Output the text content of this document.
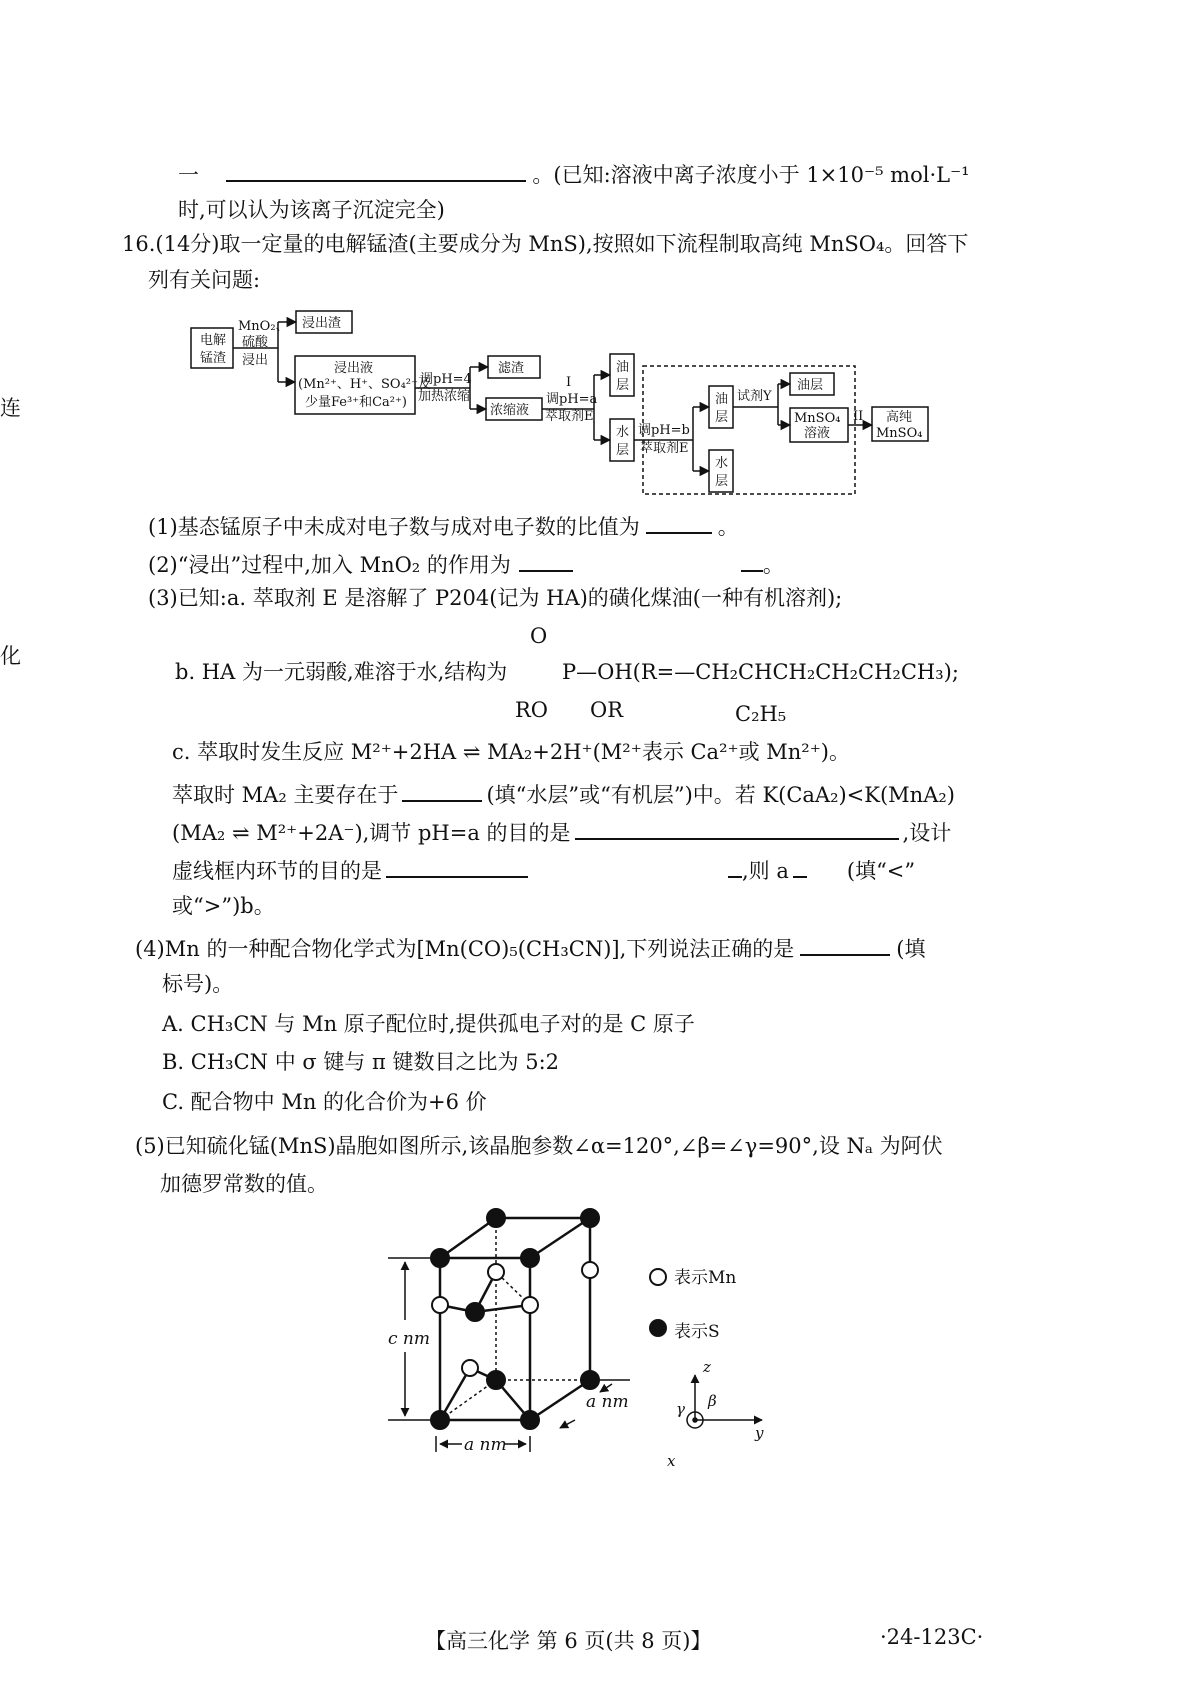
一	。(已知:溶液中离子浓度小于 1×10⁻⁵ mol·L⁻¹
时,可以认为该离子沉淀完全)
连
化
16.(14分)取一定量的电解锰渣(主要成分为 MnS),按照如下流程制取高纯 MnSO₄。回答下
列有关问题:
电解
锰渣
MnO₂、
硫酸
浸出
浸出渣
浸出液
(Mn²⁺、H⁺、SO₄²⁻及
少量Fe³⁺和Ca²⁺)
调pH=4
加热浓缩
滤渣
浓缩液
I
调pH=a
萃取剂E
油
层
水
层
调pH=b
萃取剂E
油
层
水
层
试剂Y
油层
MnSO₄
溶液
II 高纯
MnSO₄
(1)基态锰原子中未成对电子数与成对电子数的比值为	。
(2)“浸出”过程中,加入 MnO₂ 的作用为	。
(3)已知:a. 萃取剂 E 是溶解了 P204(记为 HA)的磺化煤油(一种有机溶剂);
O
b. HA 为一元弱酸,难溶于水,结构为	P—OH(R=—CH₂CHCH₂CH₂CH₂CH₃);
RO OR	C₂H₅
c. 萃取时发生反应 M²⁺+2HA ⇌ MA₂+2H⁺(M²⁺表示 Ca²⁺或 Mn²⁺)。
萃取时 MA₂ 主要存在于	(填“水层”或“有机层”)中。若 K(CaA₂)<K(MnA₂)
(MA₂ ⇌ M²⁺+2A⁻),调节 pH=a 的目的是	,设计
虚线框内环节的目的是	,则 a	(填“<”
或“>”)b。
(4)Mn 的一种配合物化学式为[Mn(CO)₅(CH₃CN)],下列说法正确的是	(填
标号)。
A. CH₃CN 与 Mn 原子配位时,提供孤电子对的是 C 原子
B. CH₃CN 中 σ 键与 π 键数目之比为 5:2
C. 配合物中 Mn 的化合价为+6 价
(5)已知硫化锰(MnS)晶胞如图所示,该晶胞参数∠α=120°,∠β=∠γ=90°,设 Nₐ 为阿伏
加德罗常数的值。
c nm
a nm
a nm
表示Mn
表示S
z
y
x
γ β
【高三化学 第 6 页(共 8 页)】	·24-123C·
